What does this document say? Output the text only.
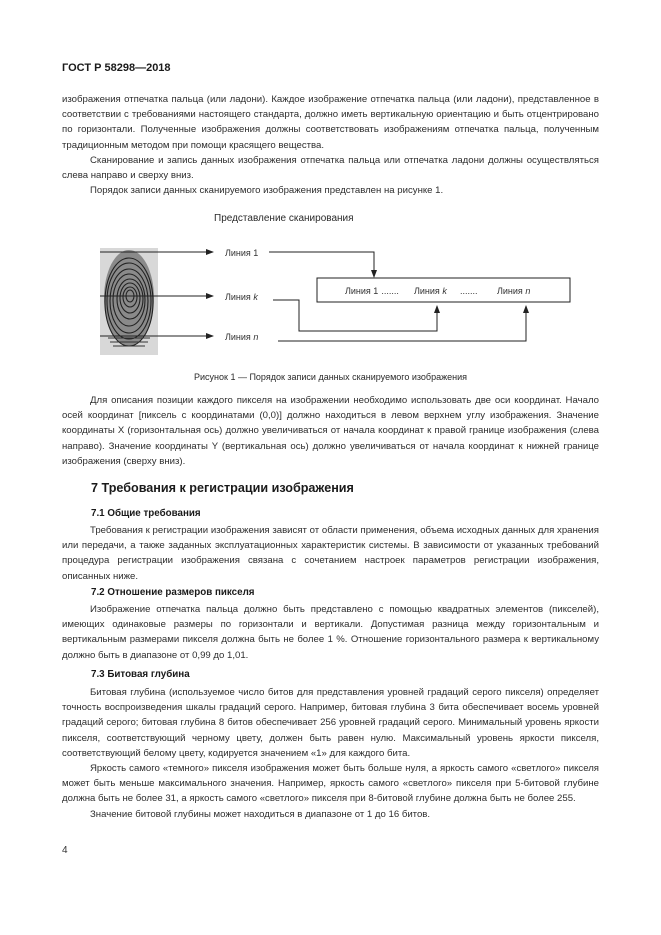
ГОСТ Р 58298—2018

изображения отпечатка пальца (или ладони). Каждое изображение отпечатка пальца (или ладони), представленное в соответствии с требованиями настоящего стандарта, должно иметь вертикальную ориентацию и быть отцентрировано по горизонтали. Полученные изображения должны соответствовать изображениям отпечатка пальца, полученным традиционным методом при помощи красящего вещества.

Сканирование и запись данных изображения отпечатка пальца или отпечатка ладони должны осуществляться слева направо и сверху вниз.

Порядок записи данных сканируемого изображения представлен на рисунке 1.

Представление сканирования
Линия 1
Линия k
Линия n
Линия 1 ....... Линия k ....... Линия n
Рисунок 1 — Порядок записи данных сканируемого изображения

Для описания позиции каждого пикселя на изображении необходимо использовать две оси координат. Начало осей координат [пиксель с координатами (0,0)] должно находиться в левом верхнем углу изображения. Значение координаты X (горизонтальная ось) должно увеличиваться от начала координат к правой границе изображения (слева направо). Значение координаты Y (вертикальная ось) должно увеличиваться от начала координат к нижней границе изображения (сверху вниз).

7 Требования к регистрации изображения
7.1 Общие требования

Требования к регистрации изображения зависят от области применения, объема исходных данных для хранения или передачи, а также заданных эксплуатационных характеристик системы. В зависимости от указанных требований процедура регистрации изображения связана с сочетанием настроек параметров регистрации изображения, описанных ниже.

7.2 Отношение размеров пикселя

Изображение отпечатка пальца должно быть представлено с помощью квадратных элементов (пикселей), имеющих одинаковые размеры по горизонтали и вертикали. Допустимая разница между горизонтальным и вертикальным размерами пикселя должна быть не более 1 %. Отношение горизонтального размера к вертикальному должно быть в диапазоне от 0,99 до 1,01.

7.3 Битовая глубина

Битовая глубина (используемое число битов для представления уровней градаций серого пикселя) определяет точность воспроизведения шкалы градаций серого. Например, битовая глубина 3 бита обеспечивает восемь уровней градаций серого; битовая глубина 8 битов обеспечивает 256 уровней градаций серого. Минимальный уровень яркости пикселя, соответствующий черному цвету, должен быть равен нулю. Максимальный уровень яркости пикселя, соответствующий белому цвету, кодируется значением «1» для каждого бита.

Яркость самого «темного» пикселя изображения может быть больше нуля, а яркость самого «светлого» пикселя может быть меньше максимального значения. Например, яркость самого «светлого» пикселя при 5-битовой глубине должна быть не более 31, а яркость самого «светлого» пикселя при 8-битовой глубине должна быть не более 255.

Значение битовой глубины может находиться в диапазоне от 1 до 16 битов.

4
